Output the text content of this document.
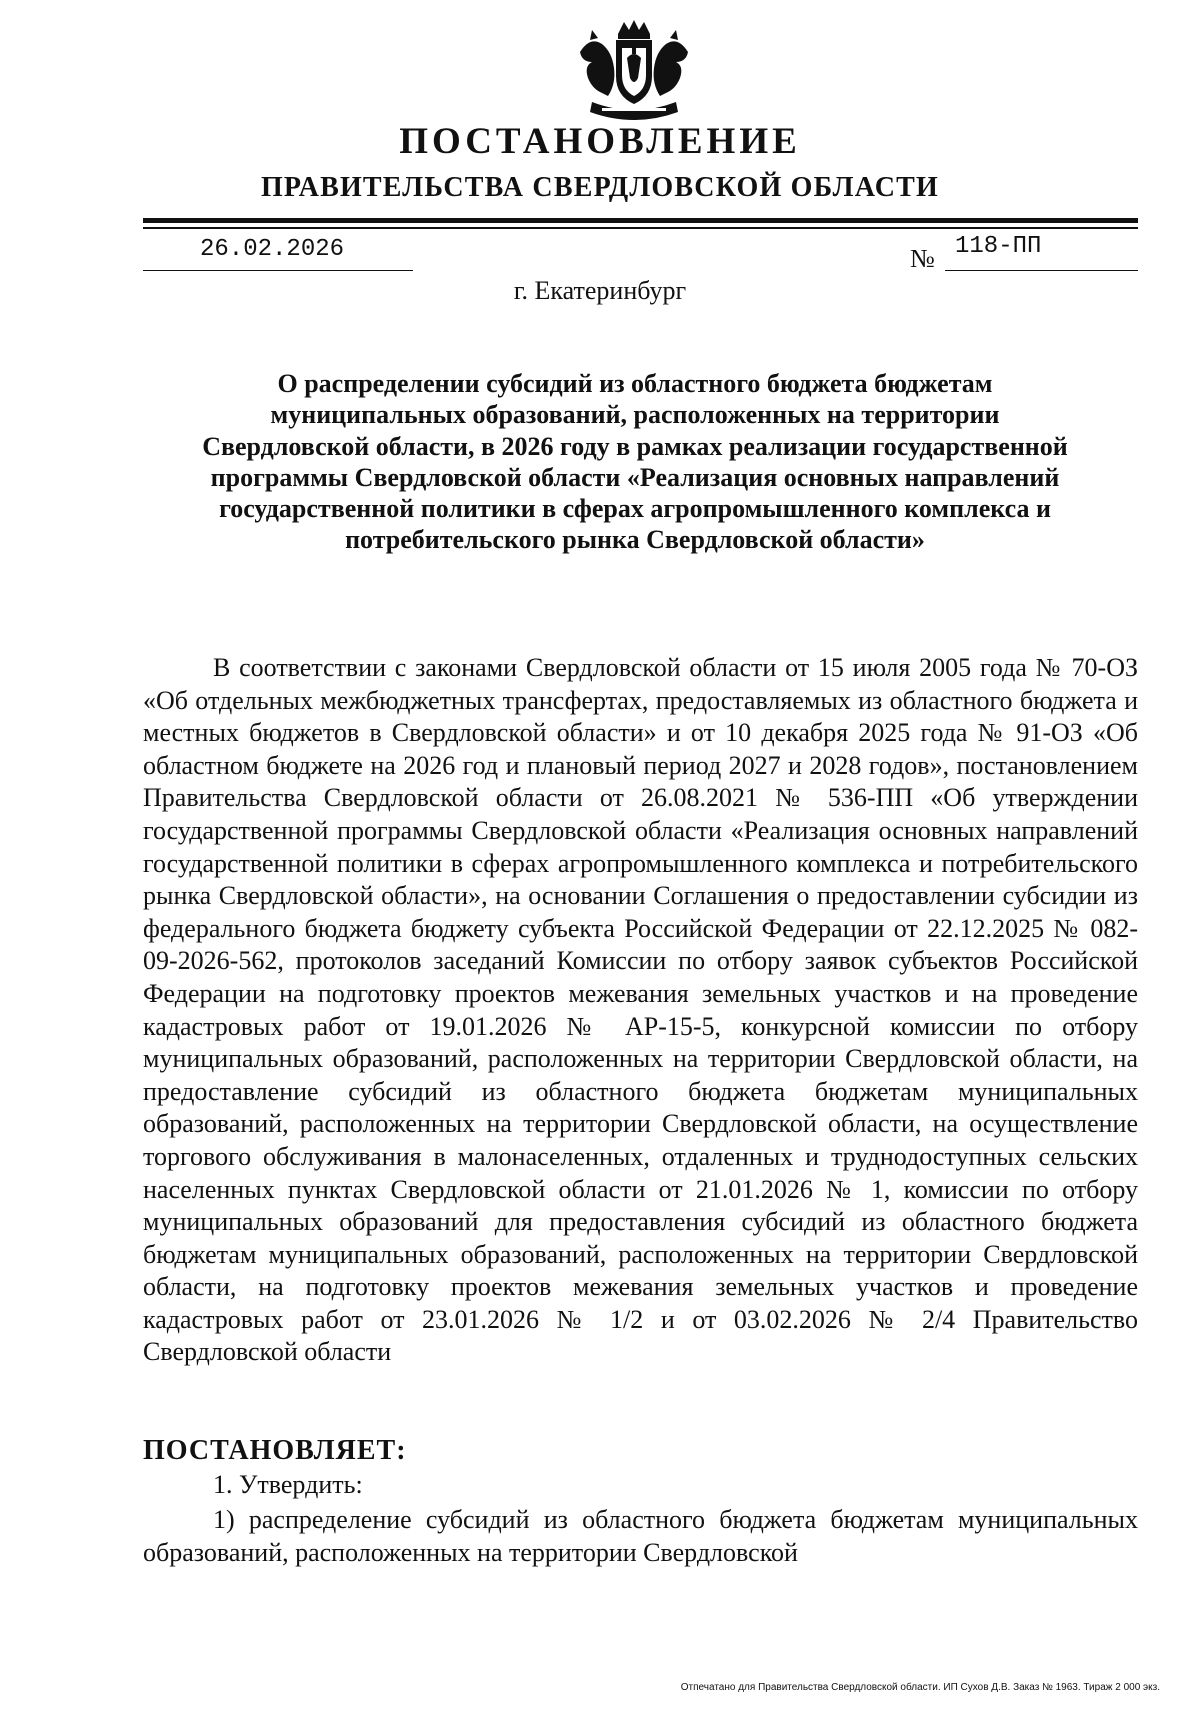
ПОСТАНОВЛЕНИЕ
ПРАВИТЕЛЬСТВА СВЕРДЛОВСКОЙ ОБЛАСТИ
26.02.2026	№ 118-ПП
г. Екатеринбург
О распределении субсидий из областного бюджета бюджетам муниципальных образований, расположенных на территории Свердловской области, в 2026 году в рамках реализации государственной программы Свердловской области «Реализация основных направлений государственной политики в сферах агропромышленного комплекса и потребительского рынка Свердловской области»

В соответствии с законами Свердловской области от 15 июля 2005 года № 70-ОЗ «Об отдельных межбюджетных трансфертах, предоставляемых из областного бюджета и местных бюджетов в Свердловской области» и от 10 декабря 2025 года № 91-ОЗ «Об областном бюджете на 2026 год и плановый период 2027 и 2028 годов», постановлением Правительства Свердловской области от 26.08.2021 № 536-ПП «Об утверждении государственной программы Свердловской области «Реализация основных направлений государственной политики в сферах агропромышленного комплекса и потребительского рынка Свердловской области», на основании Соглашения о предоставлении субсидии из федерального бюджета бюджету субъекта Российской Федерации от 22.12.2025 № 082-09-2026-562, протоколов заседаний Комиссии по отбору заявок субъектов Российской Федерации на подготовку проектов межевания земельных участков и на проведение кадастровых работ от 19.01.2026 № АР-15-5, конкурсной комиссии по отбору муниципальных образований, расположенных на территории Свердловской области, на предоставление субсидий из областного бюджета бюджетам муниципальных образований, расположенных на территории Свердловской области, на осуществление торгового обслуживания в малонаселенных, отдаленных и труднодоступных сельских населенных пунктах Свердловской области от 21.01.2026 № 1, комиссии по отбору муниципальных образований для предоставления субсидий из областного бюджета бюджетам муниципальных образований, расположенных на территории Свердловской области, на подготовку проектов межевания земельных участков и проведение кадастровых работ от 23.01.2026 № 1/2 и от 03.02.2026 № 2/4 Правительство Свердловской области

ПОСТАНОВЛЯЕТ:
1. Утвердить:

1) распределение субсидий из областного бюджета бюджетам муниципальных образований, расположенных на территории Свердловской

Отпечатано для Правительства Свердловской области. ИП Сухов Д.В. Заказ № 1963. Тираж 2 000 экз.
